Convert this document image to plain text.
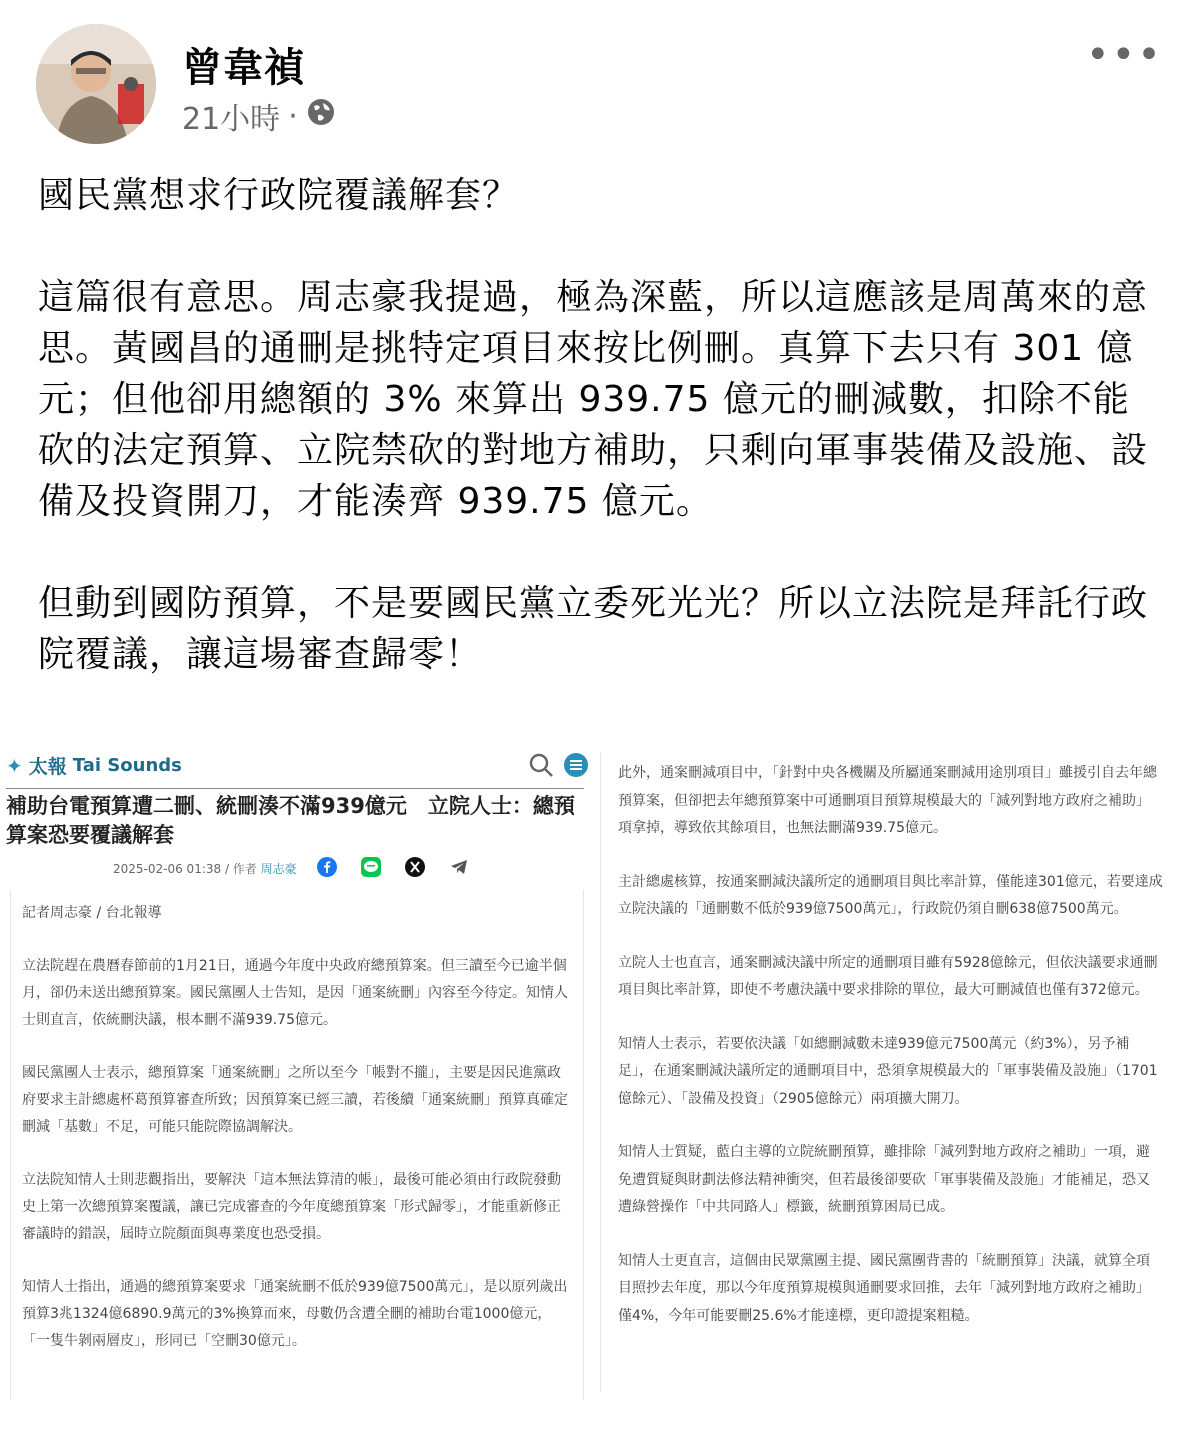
曾韋禎
21小時 ·
•••

國民黨想求行政院覆議解套？

這篇很有意思。周志豪我提過，極為深藍，所以這應該是周萬來的意思。黃國昌的通刪是挑特定項目來按比例刪。真算下去只有 301 億元；但他卻用總額的 3% 來算出 939.75 億元的刪減數，扣除不能砍的法定預算、立院禁砍的對地方補助，只剩向軍事裝備及設施、設備及投資開刀，才能湊齊 939.75 億元。

但動到國防預算，不是要國民黨立委死光光？所以立法院是拜託行政院覆議，讓這場審查歸零！

✦ 太報 Tai Sounds
補助台電預算遭二刪、統刪湊不滿939億元　立院人士：總預算案恐要覆議解套
2025-02-06 01:38 / 作者 周志豪

記者周志豪 / 台北報導

立法院趕在農曆春節前的1月21日，通過今年度中央政府總預算案。但三讀至今已逾半個月，卻仍未送出總預算案。國民黨團人士告知，是因「通案統刪」內容至今待定。知情人士則直言，依統刪決議，根本刪不滿939.75億元。

國民黨團人士表示，總預算案「通案統刪」之所以至今「帳對不攏」，主要是因民進黨政府要求主計總處杯葛預算審查所致；因預算案已經三讀，若後續「通案統刪」預算真確定刪減「基數」不足，可能只能院際協調解決。

立法院知情人士則悲觀指出，要解決「這本無法算清的帳」，最後可能必須由行政院發動史上第一次總預算案覆議，讓已完成審查的今年度總預算案「形式歸零」，才能重新修正審議時的錯誤，屆時立院顏面與專業度也恐受損。

知情人士指出，通過的總預算案要求「通案統刪不低於939億7500萬元」，是以原列歲出預算3兆1324億6890.9萬元的3%換算而來，母數仍含遭全刪的補助台電1000億元，「一隻牛剝兩層皮」，形同已「空刪30億元」。

此外，通案刪減項目中，「針對中央各機關及所屬通案刪減用途別項目」雖援引自去年總預算案，但卻把去年總預算案中可通刪項目預算規模最大的「減列對地方政府之補助」項拿掉，導致依其餘項目，也無法刪滿939.75億元。

主計總處核算，按通案刪減決議所定的通刪項目與比率計算，僅能達301億元，若要達成立院決議的「通刪數不低於939億7500萬元」，行政院仍須自刪638億7500萬元。

立院人士也直言，通案刪減決議中所定的通刪項目雖有5928億餘元，但依決議要求通刪項目與比率計算，即使不考慮決議中要求排除的單位，最大可刪減值也僅有372億元。

知情人士表示，若要依決議「如總刪減數未達939億元7500萬元（約3%），另予補足」，在通案刪減決議所定的通刪項目中，恐須拿規模最大的「軍事裝備及設施」（1701億餘元）、「設備及投資」（2905億餘元）兩項擴大開刀。

知情人士質疑，藍白主導的立院統刪預算，雖排除「減列對地方政府之補助」一項，避免遭質疑與財劃法修法精神衝突，但若最後卻要砍「軍事裝備及設施」才能補足，恐又遭綠營操作「中共同路人」標籤，統刪預算困局已成。

知情人士更直言，這個由民眾黨團主提、國民黨團背書的「統刪預算」決議，就算全項目照抄去年度，那以今年度預算規模與通刪要求回推，去年「減列對地方政府之補助」僅4%，今年可能要刪25.6%才能達標，更印證提案粗糙。
